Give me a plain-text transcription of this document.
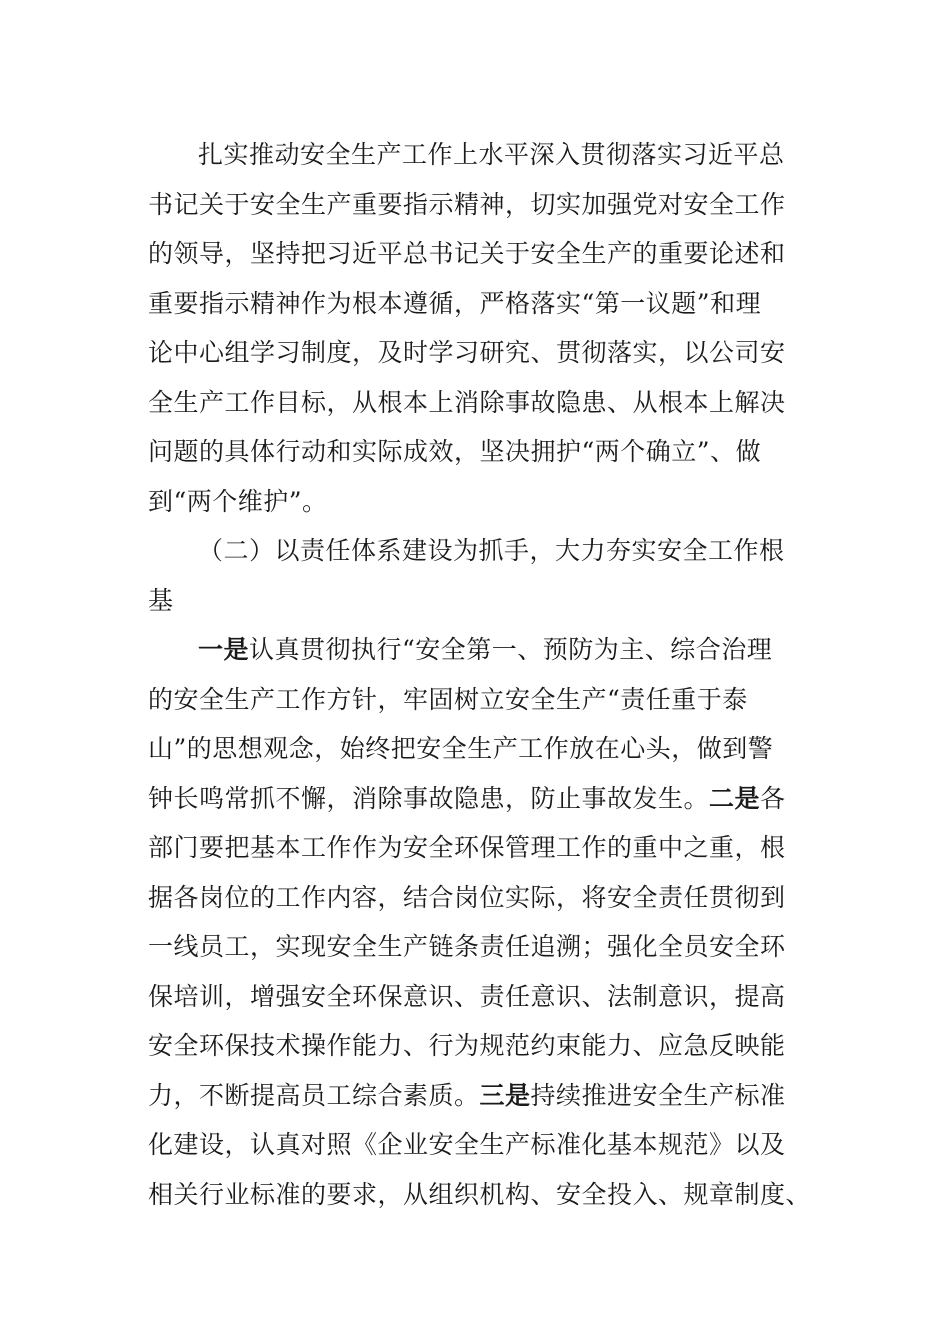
扎实推动安全生产工作上水平深入贯彻落实习近平总
书记关于安全生产重要指示精神，切实加强党对安全工作
的领导，坚持把习近平总书记关于安全生产的重要论述和
重要指示精神作为根本遵循，严格落实“第一议题”和理
论中心组学习制度，及时学习研究、贯彻落实，以公司安
全生产工作目标，从根本上消除事故隐患、从根本上解决
问题的具体行动和实际成效，坚决拥护“两个确立”、做
到“两个维护”。
（二）以责任体系建设为抓手，大力夯实安全工作根
基
一是认真贯彻执行“安全第一、预防为主、综合治理
的安全生产工作方针，牢固树立安全生产“责任重于泰
山”的思想观念，始终把安全生产工作放在心头，做到警
钟长鸣常抓不懈，消除事故隐患，防止事故发生。二是各
部门要把基本工作作为安全环保管理工作的重中之重，根
据各岗位的工作内容，结合岗位实际，将安全责任贯彻到
一线员工，实现安全生产链条责任追溯；强化全员安全环
保培训，增强安全环保意识、责任意识、法制意识，提高
安全环保技术操作能力、行为规范约束能力、应急反映能
力，不断提高员工综合素质。三是持续推进安全生产标准
化建设，认真对照《企业安全生产标准化基本规范》以及
相关行业标准的要求，从组织机构、安全投入、规章制度、
